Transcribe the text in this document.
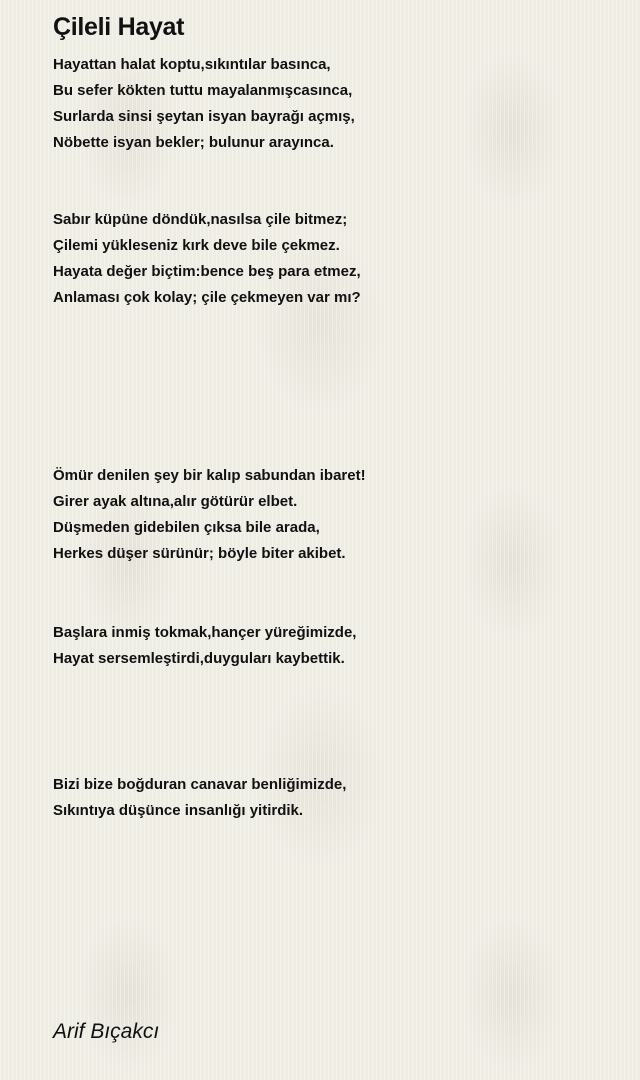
Çileli Hayat
Hayattan halat koptu,sıkıntılar basınca,
Bu sefer kökten tuttu mayalanmışcasınca,
Surlarda sinsi şeytan isyan bayrağı açmış,
Nöbette isyan bekler; bulunur arayınca.
Sabır küpüne döndük,nasılsa çile bitmez;
Çilemi yükleseniz kırk deve bile çekmez.
Hayata değer biçtim:bence beş para etmez,
Anlaması çok kolay; çile çekmeyen var mı?
Ömür denilen şey bir kalıp sabundan ibaret!
Girer ayak altına,alır götürür elbet.
Düşmeden gidebilen çıksa bile arada,
Herkes düşer sürünür; böyle biter akibet.
Başlara inmiş tokmak,hançer yüreğimizde,
Hayat sersemleştirdi,duyguları kaybettik.
Bizi bize boğduran canavar benliğimizde,
Sıkıntıya düşünce insanlığı yitirdik.

Arif Bıçakcı
